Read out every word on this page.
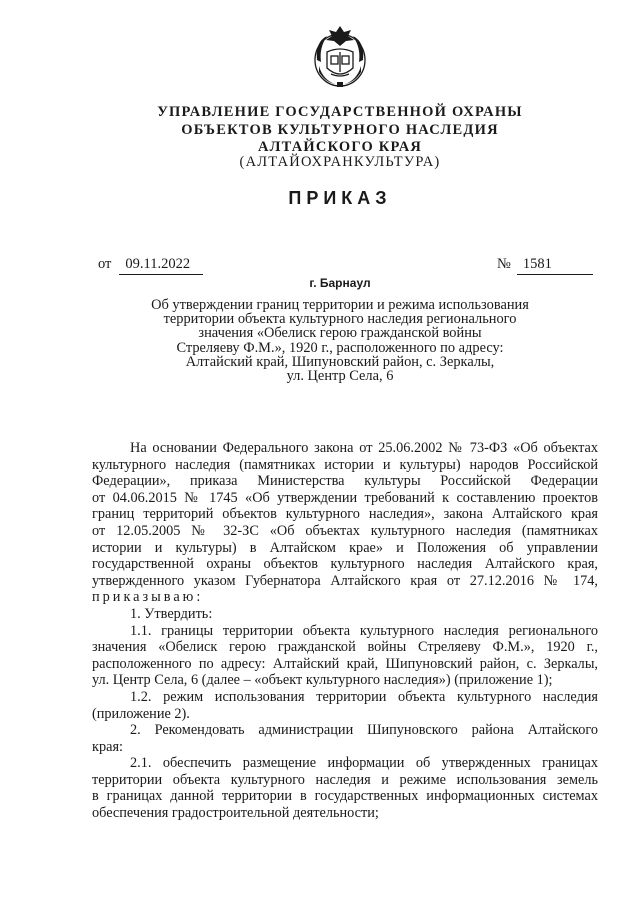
УПРАВЛЕНИЕ ГОСУДАРСТВЕННОЙ ОХРАНЫ
ОБЪЕКТОВ КУЛЬТУРНОГО НАСЛЕДИЯ
АЛТАЙСКОГО КРАЯ
(АЛТАЙОХРАНКУЛЬТУРА)
ПРИКАЗ
от 09.11.2022	№ 1581
г. Барнаул
Об утверждении границ территории и режима использования
территории объекта культурного наследия регионального
значения «Обелиск герою гражданской войны
Стреляеву Ф.М.», 1920 г., расположенного по адресу:
Алтайский край, Шипуновский район, с. Зеркалы,
ул. Центр Села, 6
На основании Федерального закона от 25.06.2002 № 73-ФЗ «Об объектах
культурного наследия (памятниках истории и культуры) народов Российской
Федерации», приказа Министерства культуры Российской Федерации
от 04.06.2015 № 1745 «Об утверждении требований к составлению проектов
границ территорий объектов культурного наследия», закона Алтайского края
от 12.05.2005 № 32-ЗС «Об объектах культурного наследия (памятниках
истории и культуры) в Алтайском крае» и Положения об управлении
государственной охраны объектов культурного наследия Алтайского края,
утвержденного указом Губернатора Алтайского края от 27.12.2016 № 174,
приказываю:
1. Утвердить:
1.1. границы территории объекта культурного наследия регионального
значения «Обелиск герою гражданской войны Стреляеву Ф.М.», 1920 г.,
расположенного по адресу: Алтайский край, Шипуновский район, с. Зеркалы,
ул. Центр Села, 6 (далее – «объект культурного наследия») (приложение 1);
1.2. режим использования территории объекта культурного наследия
(приложение 2).
2. Рекомендовать администрации Шипуновского района Алтайского
края:
2.1. обеспечить размещение информации об утвержденных границах
территории объекта культурного наследия и режиме использования земель
в границах данной территории в государственных информационных системах
обеспечения градостроительной деятельности;
